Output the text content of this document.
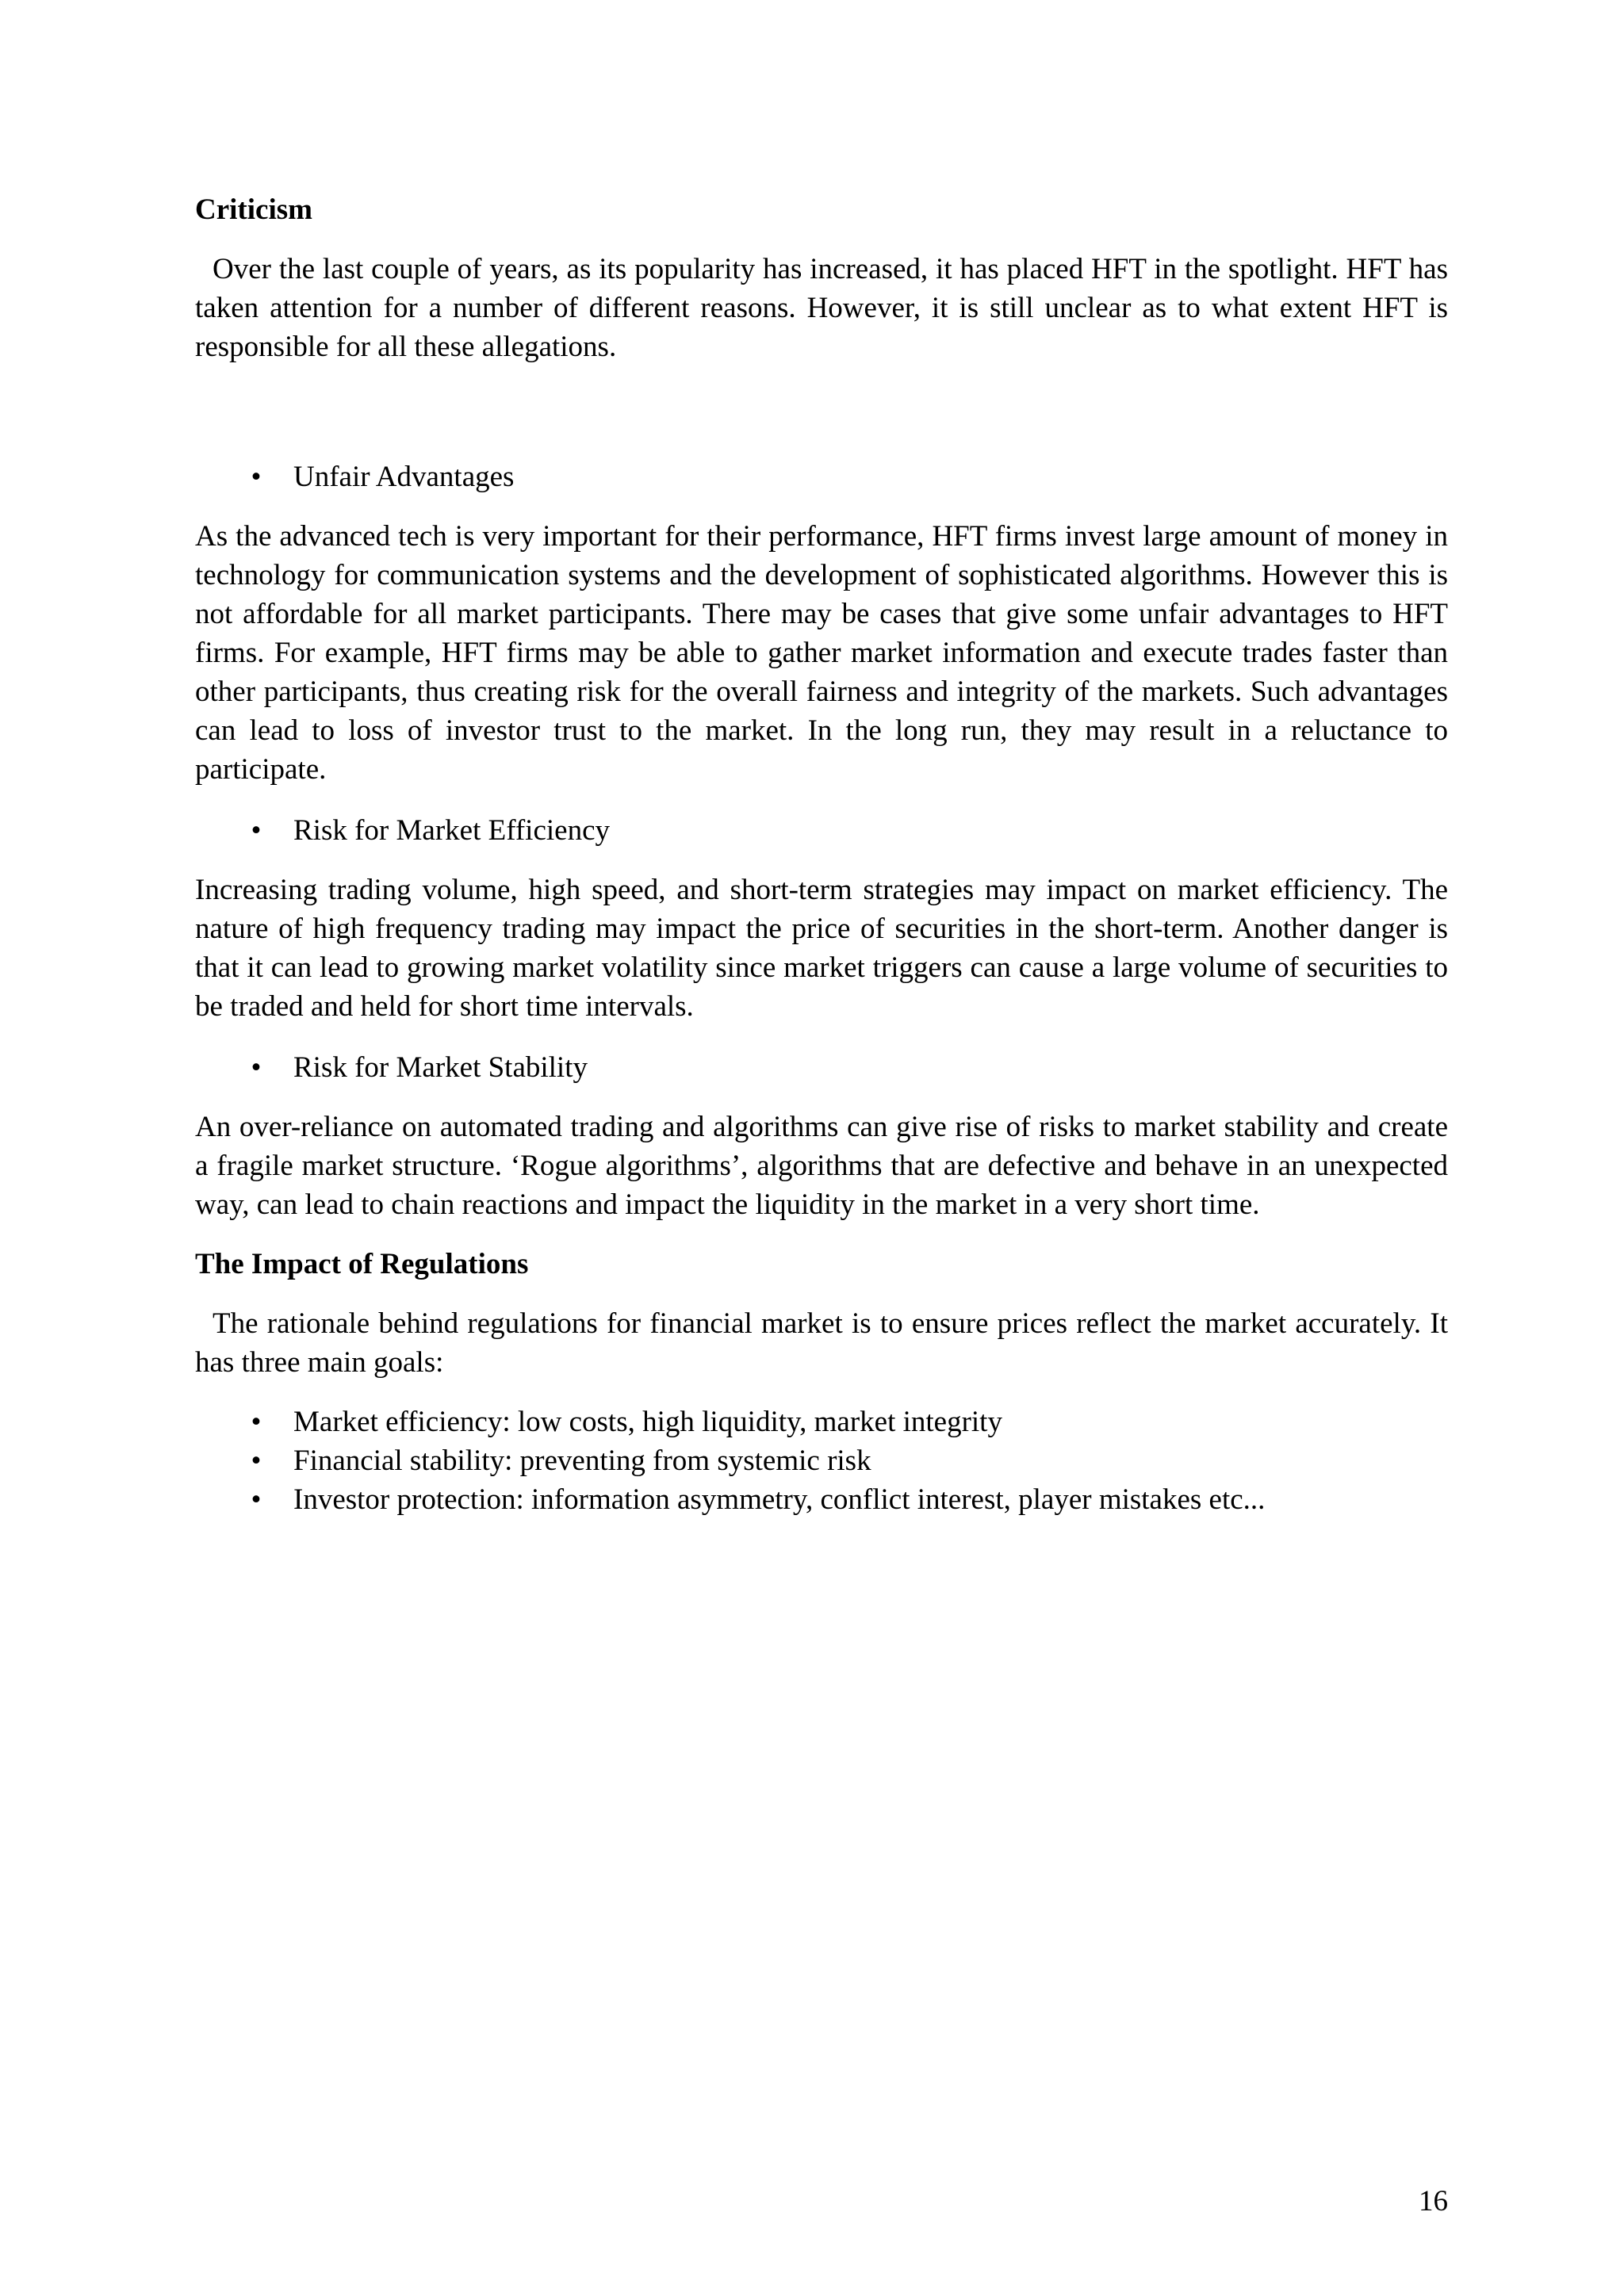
Criticism

Over the last couple of years, as its popularity has increased, it has placed HFT in the spotlight. HFT has taken attention for a number of different reasons. However, it is still unclear as to what extent HFT is responsible for all these allegations.

• Unfair Advantages

As the advanced tech is very important for their performance, HFT firms invest large amount of money in technology for communication systems and the development of sophisticated algorithms. However this is not affordable for all market participants. There may be cases that give some unfair advantages to HFT firms. For example, HFT firms may be able to gather market information and execute trades faster than other participants, thus creating risk for the overall fairness and integrity of the markets. Such advantages can lead to loss of investor trust to the market. In the long run, they may result in a reluctance to participate.

• Risk for Market Efficiency

Increasing trading volume, high speed, and short-term strategies may impact on market efficiency. The nature of high frequency trading may impact the price of securities in the short-term. Another danger is that it can lead to growing market volatility since market triggers can cause a large volume of securities to be traded and held for short time intervals.

• Risk for Market Stability

An over-reliance on automated trading and algorithms can give rise of risks to market stability and create a fragile market structure. ‘Rogue algorithms’, algorithms that are defective and behave in an unexpected way, can lead to chain reactions and impact the liquidity in the market in a very short time.

The Impact of Regulations

The rationale behind regulations for financial market is to ensure prices reflect the market accurately. It has three main goals:

• Market efficiency: low costs, high liquidity, market integrity
• Financial stability: preventing from systemic risk
• Investor protection: information asymmetry, conflict interest, player mistakes etc...
16
